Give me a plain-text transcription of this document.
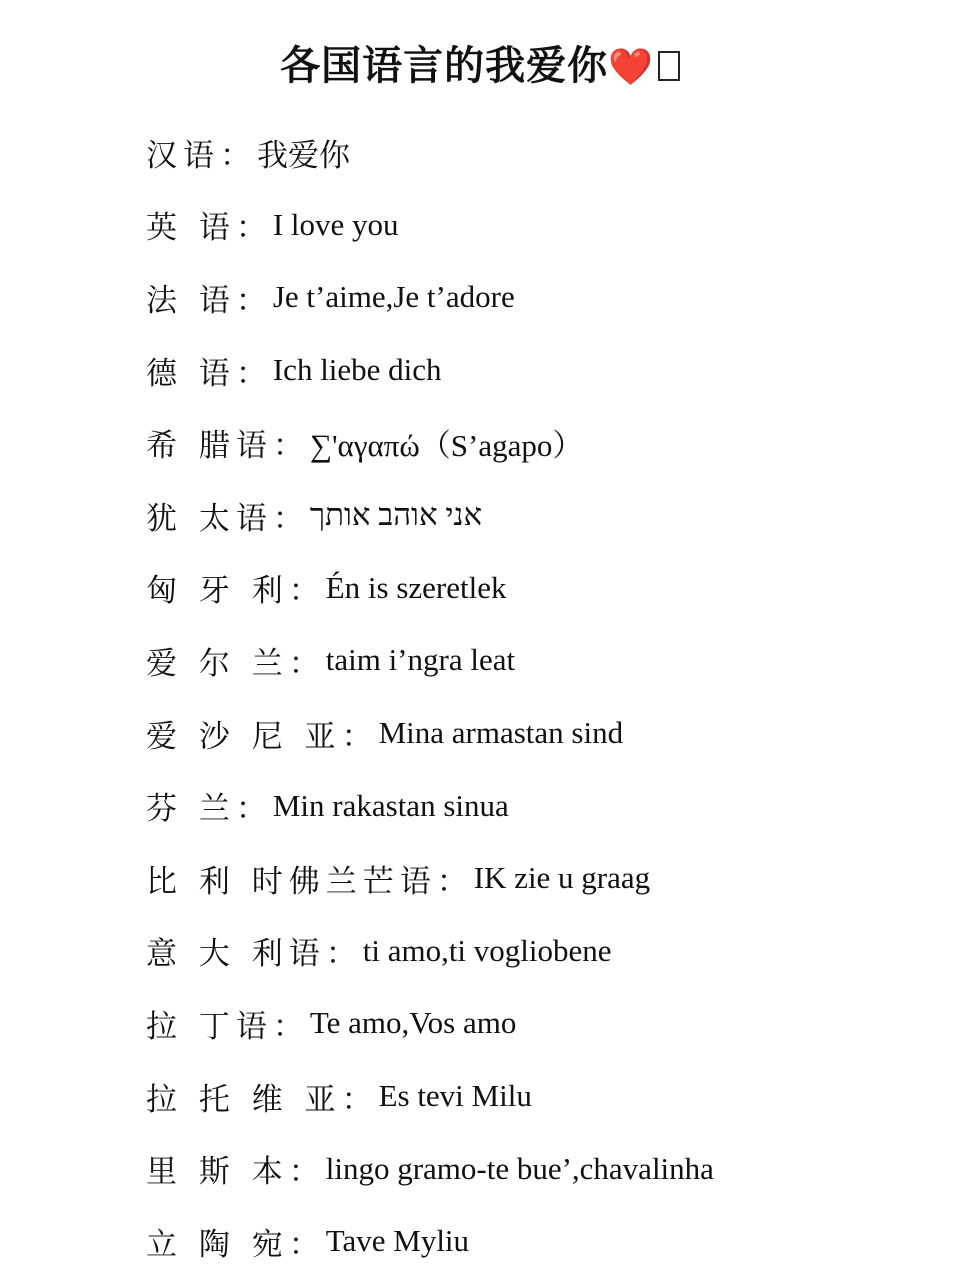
各国语言的我爱你❤️
汉语 ： 我爱你
英 语 ： I love you
法 语 ： Je t’aime,Je t’adore
德 语 ： Ich liebe dich
希 腊语 ： ∑'αγαπώ（S’agapo）
犹 太语 ： אני אוהב אותך
匈 牙 利 ： Én is szeretlek
爱 尔 兰 ： taim i’ngra leat
爱 沙 尼 亚 ： Mina armastan sind
芬 兰 ： Min rakastan sinua
比 利 时佛兰芒语 ： IK zie u graag
意 大 利语 ： ti amo,ti vogliobene
拉 丁语 ： Te amo,Vos amo
拉 托 维 亚 ： Es tevi Milu
里 斯 本 ： lingo gramo-te bue’,chavalinha
立 陶 宛 ： Tave Myliu
